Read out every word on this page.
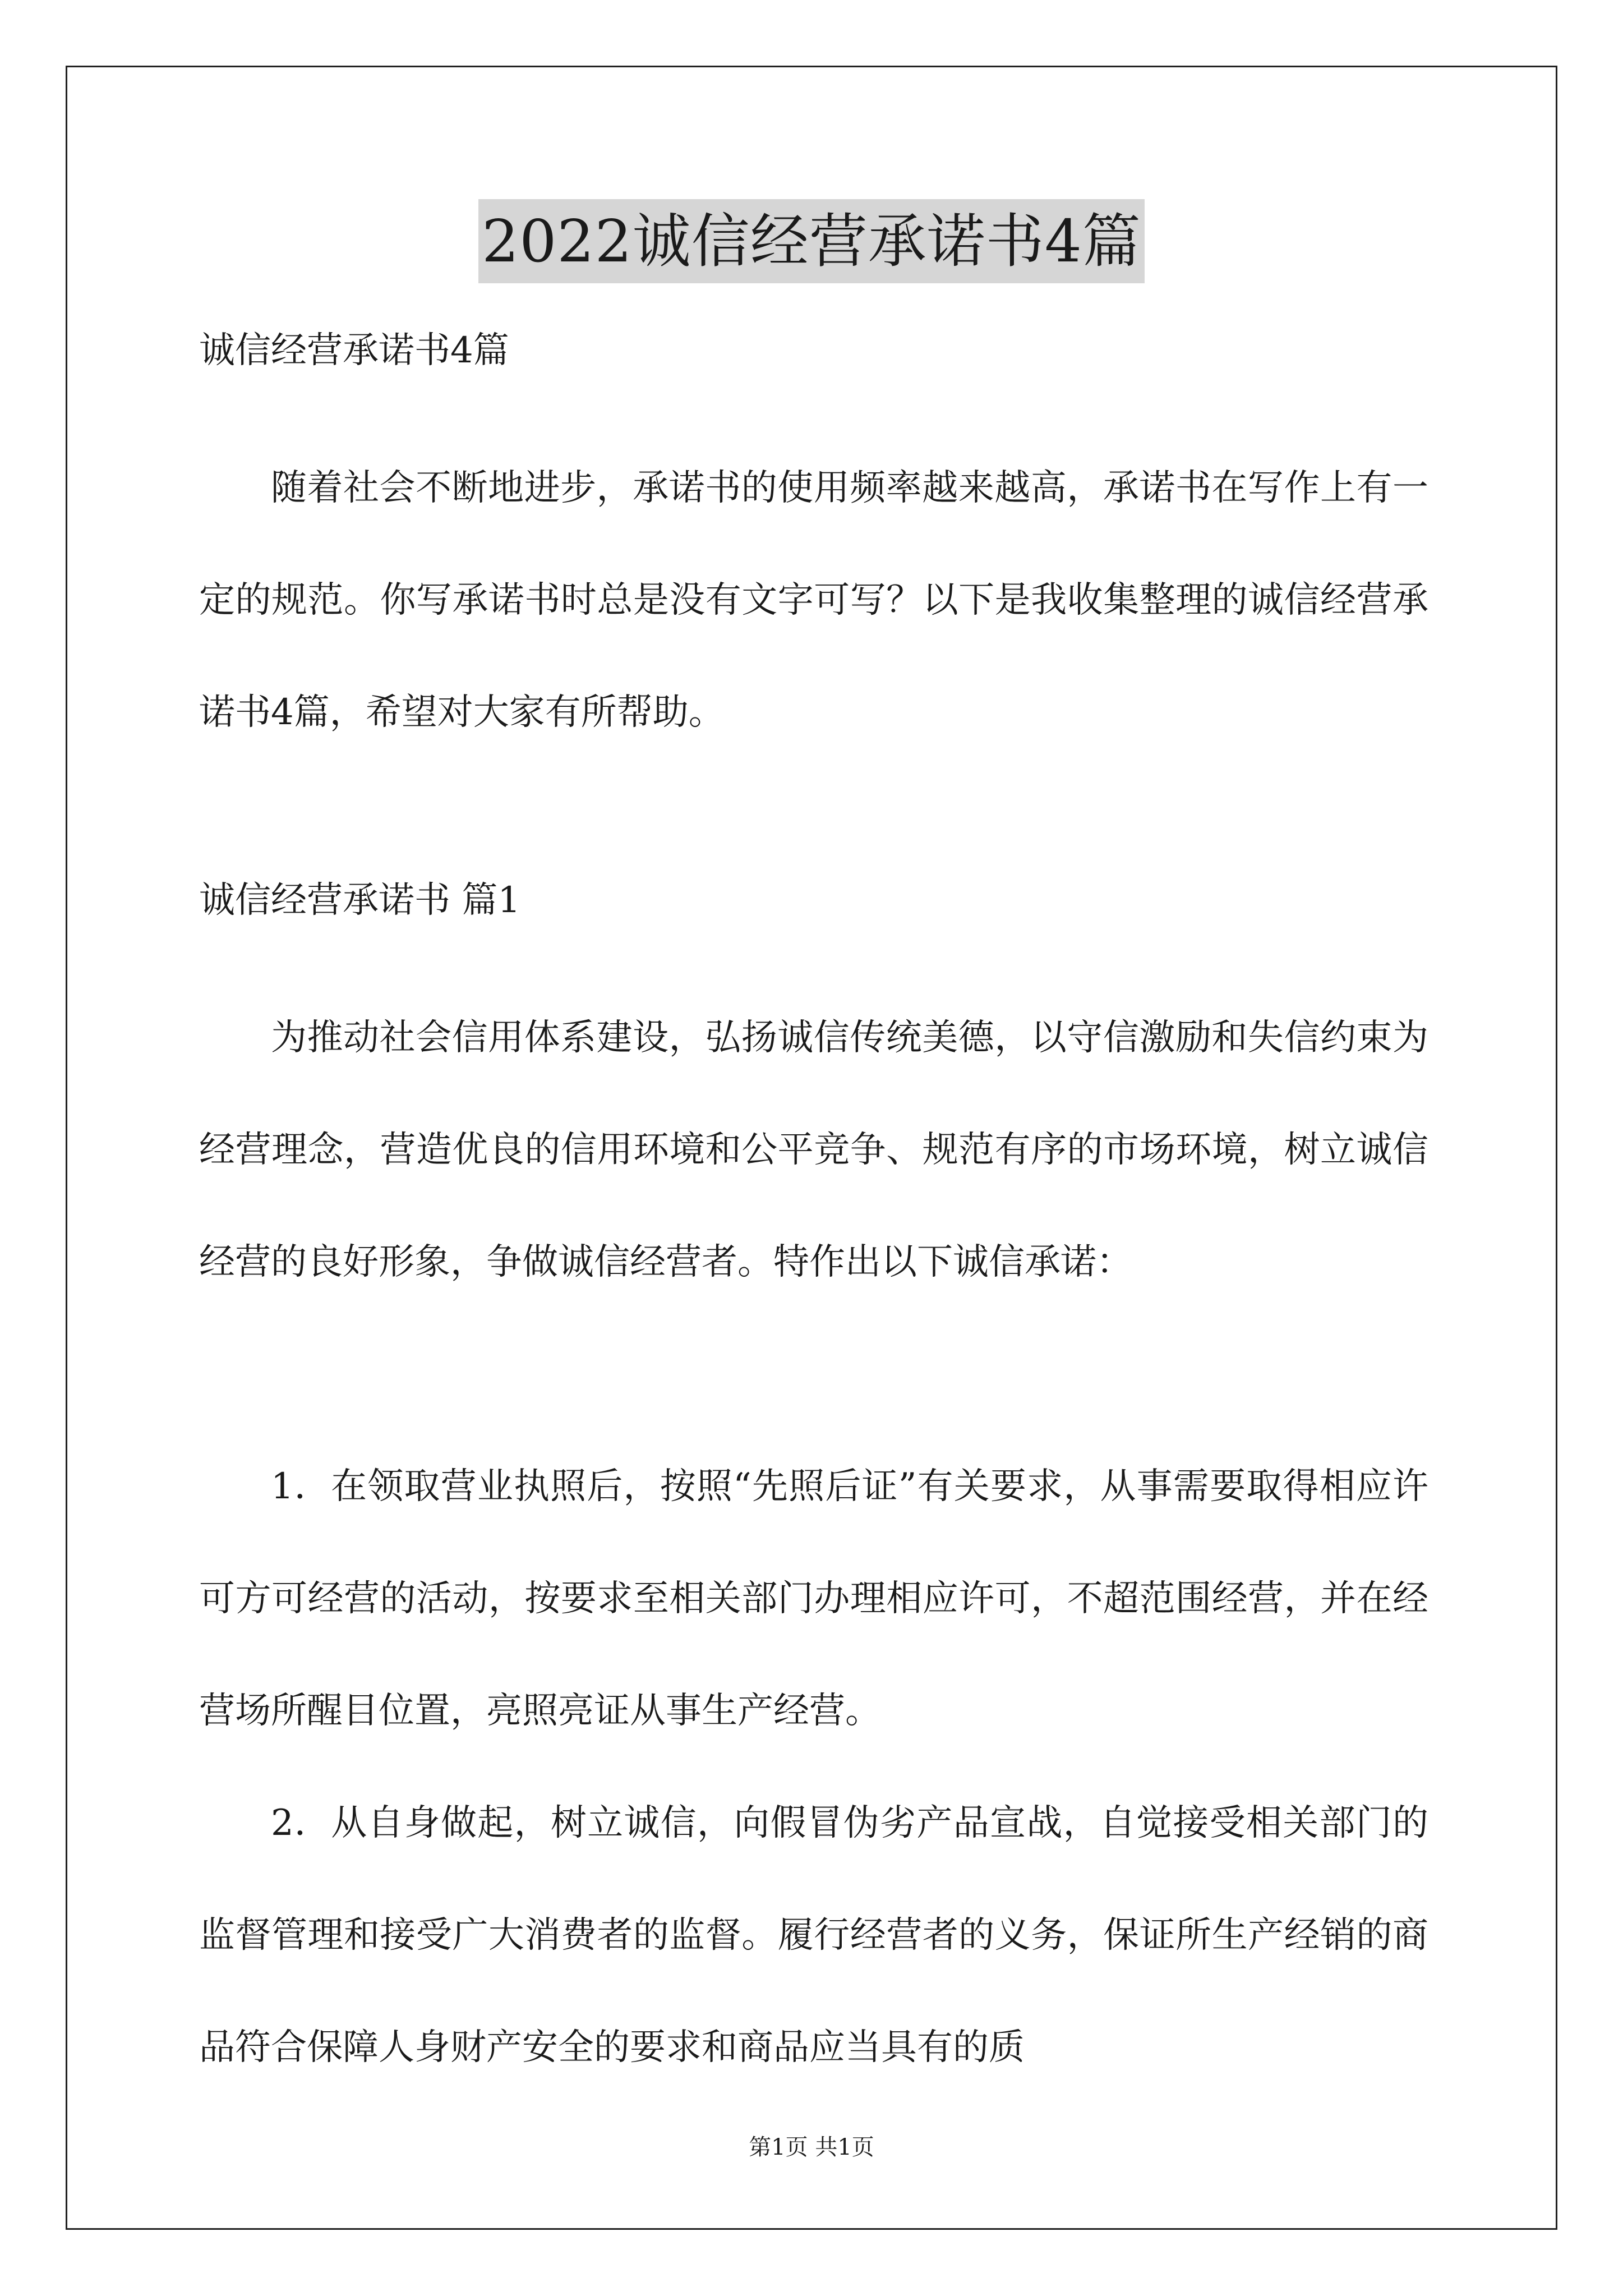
2022诚信经营承诺书4篇
诚信经营承诺书4篇

随着社会不断地进步，承诺书的使用频率越来越高，承诺书在写作上有一定的规范。你写承诺书时总是没有文字可写？以下是我收集整理的诚信经营承诺书4篇，希望对大家有所帮助。

诚信经营承诺书 篇1

为推动社会信用体系建设，弘扬诚信传统美德，以守信激励和失信约束为经营理念，营造优良的信用环境和公平竞争、规范有序的市场环境，树立诚信经营的良好形象，争做诚信经营者。特作出以下诚信承诺：

1．在领取营业执照后，按照“先照后证”有关要求，从事需要取得相应许可方可经营的活动，按要求至相关部门办理相应许可，不超范围经营，并在经营场所醒目位置，亮照亮证从事生产经营。

2．从自身做起，树立诚信，向假冒伪劣产品宣战，自觉接受相关部门的监督管理和接受广大消费者的监督。履行经营者的义务，保证所生产经销的商品符合保障人身财产安全的要求和商品应当具有的质

第1页 共1页
